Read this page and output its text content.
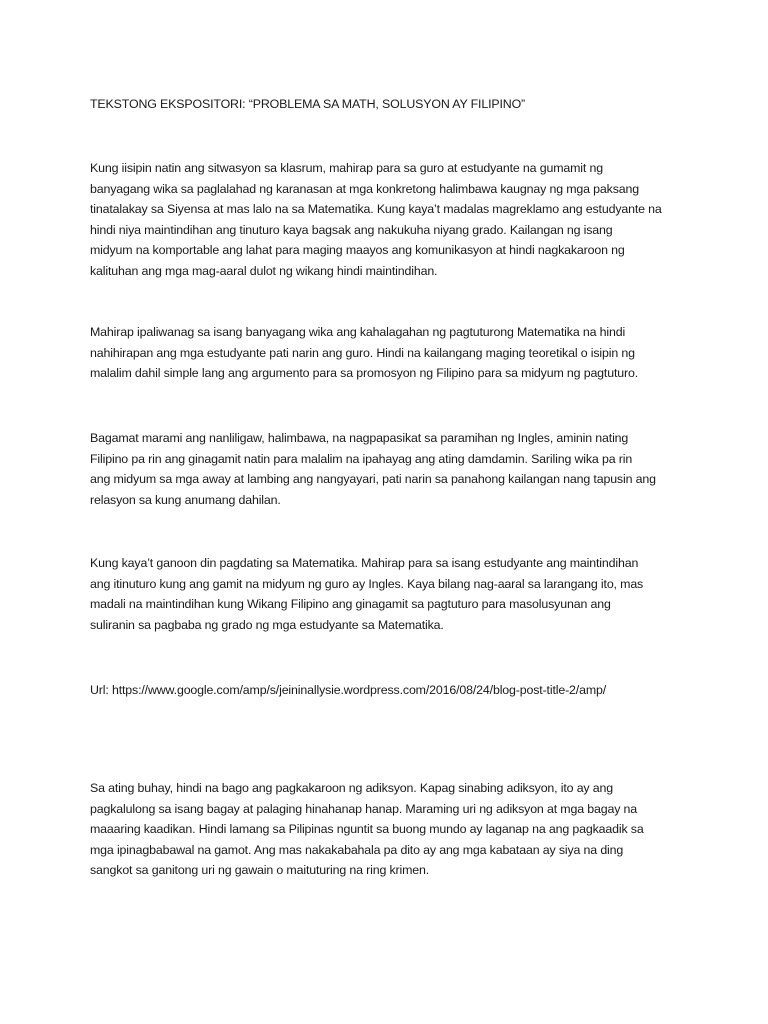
TEKSTONG EKSPOSITORI: “PROBLEMA SA MATH, SOLUSYON AY FILIPINO”
Kung iisipin natin ang sitwasyon sa klasrum, mahirap para sa guro at estudyante na gumamit ng
banyagang wika sa paglalahad ng karanasan at mga konkretong halimbawa kaugnay ng mga paksang
tinatalakay sa Siyensa at mas lalo na sa Matematika. Kung kaya’t madalas magreklamo ang estudyante na
hindi niya maintindihan ang tinuturo kaya bagsak ang nakukuha niyang grado. Kailangan ng isang
midyum na komportable ang lahat para maging maayos ang komunikasyon at hindi nagkakaroon ng
kalituhan ang mga mag-aaral dulot ng wikang hindi maintindihan.
Mahirap ipaliwanag sa isang banyagang wika ang kahalagahan ng pagtuturong Matematika na hindi
nahihirapan ang mga estudyante pati narin ang guro. Hindi na kailangang maging teoretikal o isipin ng
malalim dahil simple lang ang argumento para sa promosyon ng Filipino para sa midyum ng pagtuturo.
Bagamat marami ang nanliligaw, halimbawa, na nagpapasikat sa paramihan ng Ingles, aminin nating
Filipino pa rin ang ginagamit natin para malalim na ipahayag ang ating damdamin. Sariling wika pa rin
ang midyum sa mga away at lambing ang nangyayari, pati narin sa panahong kailangan nang tapusin ang
relasyon sa kung anumang dahilan.
Kung kaya’t ganoon din pagdating sa Matematika. Mahirap para sa isang estudyante ang maintindihan
ang itinuturo kung ang gamit na midyum ng guro ay Ingles. Kaya bilang nag-aaral sa larangang ito, mas
madali na maintindihan kung Wikang Filipino ang ginagamit sa pagtuturo para masolusyunan ang
suliranin sa pagbaba ng grado ng mga estudyante sa Matematika.
Url: https://www.google.com/amp/s/jeininallysie.wordpress.com/2016/08/24/blog-post-title-2/amp/
Sa ating buhay, hindi na bago ang pagkakaroon ng adiksyon. Kapag sinabing adiksyon, ito ay ang
pagkalulong sa isang bagay at palaging hinahanap hanap. Maraming uri ng adiksyon at mga bagay na
maaaring kaadikan. Hindi lamang sa Pilipinas nguntit sa buong mundo ay laganap na ang pagkaadik sa
mga ipinagbabawal na gamot. Ang mas nakakabahala pa dito ay ang mga kabataan ay siya na ding
sangkot sa ganitong uri ng gawain o maituturing na ring krimen.
